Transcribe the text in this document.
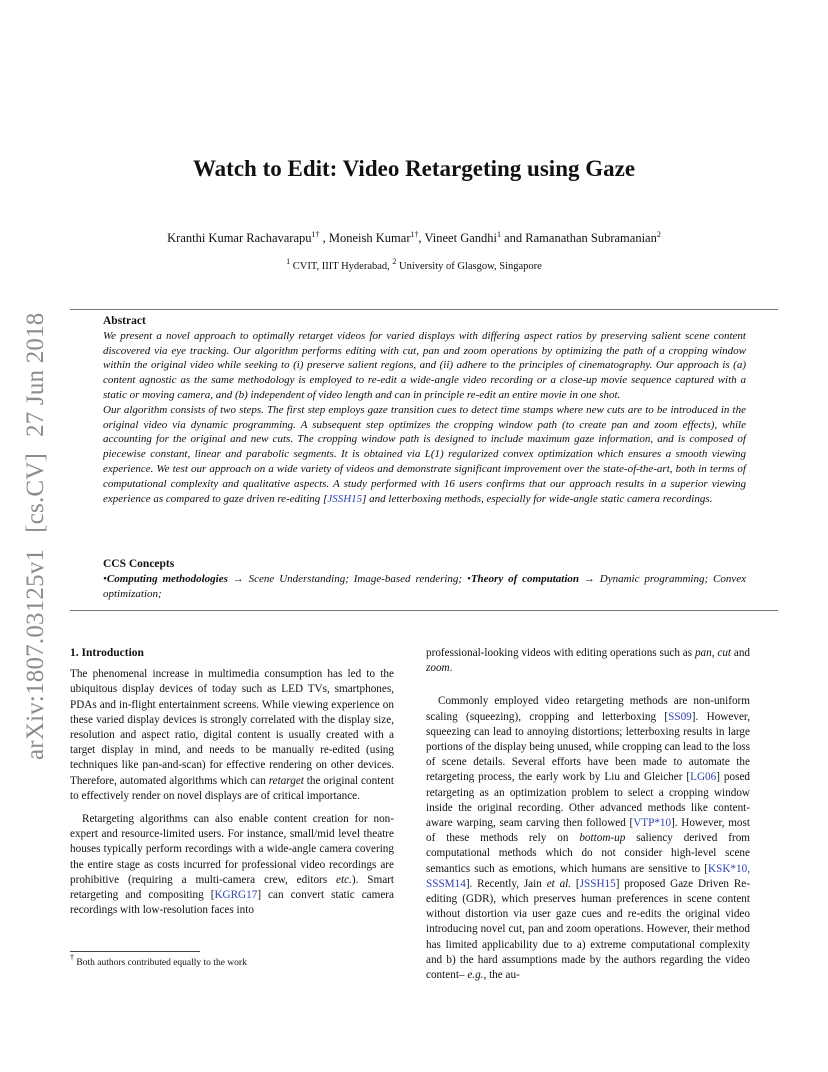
arXiv:1807.03125v1[cs.CV]27 Jun 2018
Watch to Edit: Video Retargeting using Gaze
Kranthi Kumar Rachavarapu$^{1\dagger}$ , Moneish Kumar$^{1\dagger}$, Vineet Gandhi$^1$ and Ramanathan Subramanian$^2$
$^1$ CVIT, IIIT Hyderabad, $^2$ University of Glasgow, Singapore
Abstract

We present a novel approach to optimally retarget videos for varied displays with differing aspect ratios by preserving salient scene content discovered via eye tracking. Our algorithm performs editing with cut, pan and zoom operations by optimizing the path of a cropping window within the original video while seeking to (i) preserve salient regions, and (ii) adhere to the principles of cinematography. Our approach is (a) content agnostic as the same methodology is employed to re-edit a wide-angle video recording or a close-up movie sequence captured with a static or moving camera, and (b) independent of video length and can in principle re-edit an entire movie in one shot.

Our algorithm consists of two steps. The first step employs gaze transition cues to detect time stamps where new cuts are to be introduced in the original video via dynamic programming. A subsequent step optimizes the cropping window path (to create pan and zoom effects), while accounting for the original and new cuts. The cropping window path is designed to include maximum gaze information, and is composed of piecewise constant, linear and parabolic segments. It is obtained via L(1) regularized convex optimization which ensures a smooth viewing experience. We test our approach on a wide variety of videos and demonstrate significant improvement over the state-of-the-art, both in terms of computational complexity and qualitative aspects. A study performed with 16 users confirms that our approach results in a superior viewing experience as compared to gaze driven re-editing [JSSH15] and letterboxing methods, especially for wide-angle static camera recordings.

CCS Concepts

•Computing methodologies → Scene Understanding; Image-based rendering; •Theory of computation → Dynamic programming; Convex optimization;

1. Introduction

The phenomenal increase in multimedia consumption has led to the ubiquitous display devices of today such as LED TVs, smartphones, PDAs and in-flight entertainment screens. While viewing experience on these varied display devices is strongly correlated with the display size, resolution and aspect ratio, digital content is usually created with a target display in mind, and needs to be manually re-edited (using techniques like pan-and-scan) for effective rendering on other devices. Therefore, automated algorithms which can retarget the original content to effectively render on novel displays are of critical importance.

Retargeting algorithms can also enable content creation for non-expert and resource-limited users. For instance, small/mid level theatre houses typically perform recordings with a wide-angle camera covering the entire stage as costs incurred for professional video recordings are prohibitive (requiring a multi-camera crew, editors etc.). Smart retargeting and compositing [KGRG17] can convert static camera recordings with low-resolution faces into

† Both authors contributed equally to the work

professional-looking videos with editing operations such as pan, cut and zoom.

Commonly employed video retargeting methods are non-uniform scaling (squeezing), cropping and letterboxing [SS09]. However, squeezing can lead to annoying distortions; letterboxing results in large portions of the display being unused, while cropping can lead to the loss of scene details. Several efforts have been made to automate the retargeting process, the early work by Liu and Gleicher [LG06] posed retargeting as an optimization problem to select a cropping window inside the original recording. Other advanced methods like content-aware warping, seam carving then followed [VTP*10]. However, most of these methods rely on bottom-up saliency derived from computational methods which do not consider high-level scene semantics such as emotions, which humans are sensitive to [KSK*10, SSSM14]. Recently, Jain et al. [JSSH15] proposed Gaze Driven Re-editing (GDR), which preserves human preferences in scene content without distortion via user gaze cues and re-edits the original video introducing novel cut, pan and zoom operations. However, their method has limited applicability due to a) extreme computational complexity and b) the hard assumptions made by the authors regarding the video content– e.g., the au-
